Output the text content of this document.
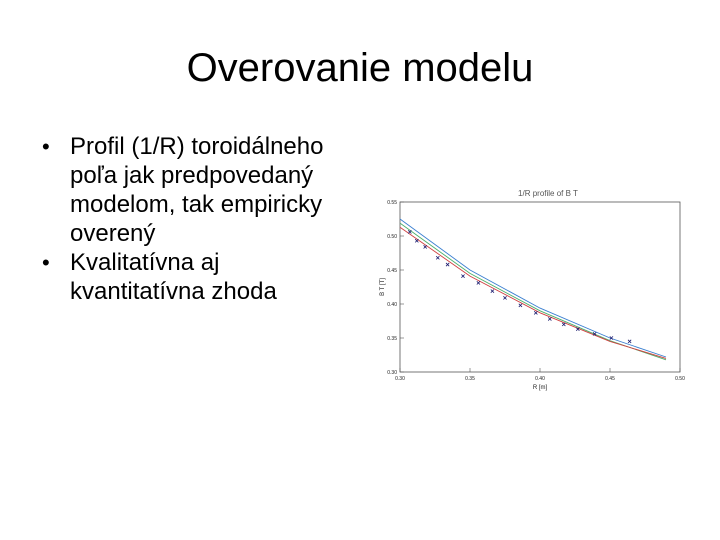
Overovanie modelu
• Profil (1/R) toroidálneho poľa jak predpovedaný modelom, tak empiricky overený
• Kvalitatívna aj kvantitatívna zhoda
1/R profile of B T
0.30	0.35	0.40	0.45	0.50
0.30
0.35
0.40
0.45
0.50
0.55
R [m]
B T [T]
